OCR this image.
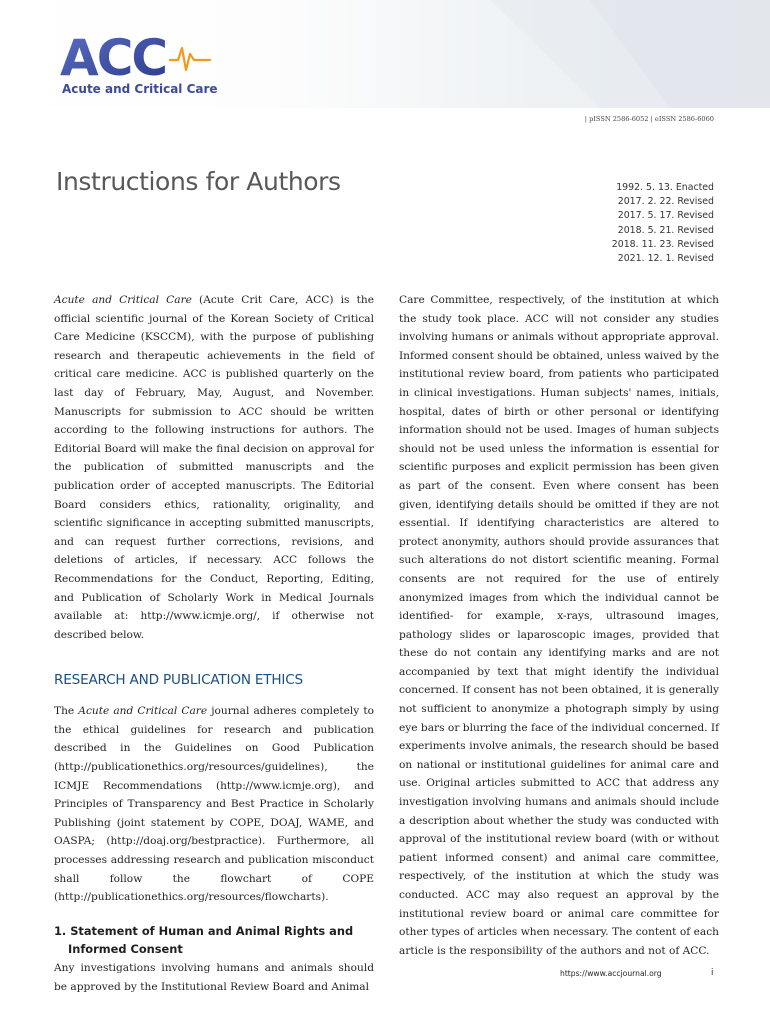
ACC
Acute and Critical Care
| pISSN 2586-6052 | eISSN 2586-6060
Instructions for Authors	1992. 5. 13. Enacted
2017. 2. 22. Revised
2017. 5. 17. Revised
2018. 5. 21. Revised
2018. 11. 23. Revised
2021. 12. 1. Revised

Acute and Critical Care (Acute Crit Care, ACC) is the official scientific journal of the Korean Society of Critical Care Medicine (KSCCM), with the purpose of publishing research and therapeutic achievements in the field of critical care medicine. ACC is published quarterly on the last day of February, May, August, and November. Manuscripts for submission to ACC should be written according to the following instructions for authors. The Editorial Board will make the final decision on approval for the publication of submitted manuscripts and the publication order of accepted manuscripts. The Editorial Board considers ethics, rationality, originality, and scientific significance in accepting submitted manuscripts, and can request further corrections, revisions, and deletions of articles, if necessary. ACC follows the Recommendations for the Conduct, Reporting, Editing, and Publication of Scholarly Work in Medical Journals available at: http://www.icmje.org/, if otherwise not described below.

RESEARCH AND PUBLICATION ETHICS

The Acute and Critical Care journal adheres completely to the ethical guidelines for research and publication described in the Guidelines on Good Publication (http://publicationethics.org/resources/guidelines), the ICMJE Recommendations (http://www.icmje.org), and Principles of Transparency and Best Practice in Scholarly Publishing (joint statement by COPE, DOAJ, WAME, and OASPA; (http://doaj.org/bestpractice). Furthermore, all processes addressing research and publication misconduct shall follow the flowchart of COPE (http://publicationethics.org/resources/flowcharts).

1. Statement of Human and Animal Rights and
Informed Consent

Any investigations involving humans and animals should be approved by the Institutional Review Board and Animal

Care Committee, respectively, of the institution at which the study took place. ACC will not consider any studies involving humans or animals without appropriate approval. Informed consent should be obtained, unless waived by the institutional review board, from patients who participated in clinical investigations. Human subjects' names, initials, hospital, dates of birth or other personal or identifying information should not be used. Images of human subjects should not be used unless the information is essential for scientific purposes and explicit permission has been given as part of the consent. Even where consent has been given, identifying details should be omitted if they are not essential. If identifying characteristics are altered to protect anonymity, authors should provide assurances that such alterations do not distort scientific meaning. Formal consents are not required for the use of entirely anonymized images from which the individual cannot be identified- for example, x-rays, ultrasound images, pathology slides or laparoscopic images, provided that these do not contain any identifying marks and are not accompanied by text that might identify the individual concerned. If consent has not been obtained, it is generally not sufficient to anonymize a photograph simply by using eye bars or blurring the face of the individual concerned. If experiments involve animals, the research should be based on national or institutional guidelines for animal care and use. Original articles submitted to ACC that address any investigation involving humans and animals should include a description about whether the study was conducted with approval of the institutional review board (with or without patient informed consent) and animal care committee, respectively, of the institution at which the study was conducted. ACC may also request an approval by the institutional review board or animal care committee for other types of articles when necessary. The content of each article is the responsibility of the authors and not of ACC.

https://www.accjournal.org	i
